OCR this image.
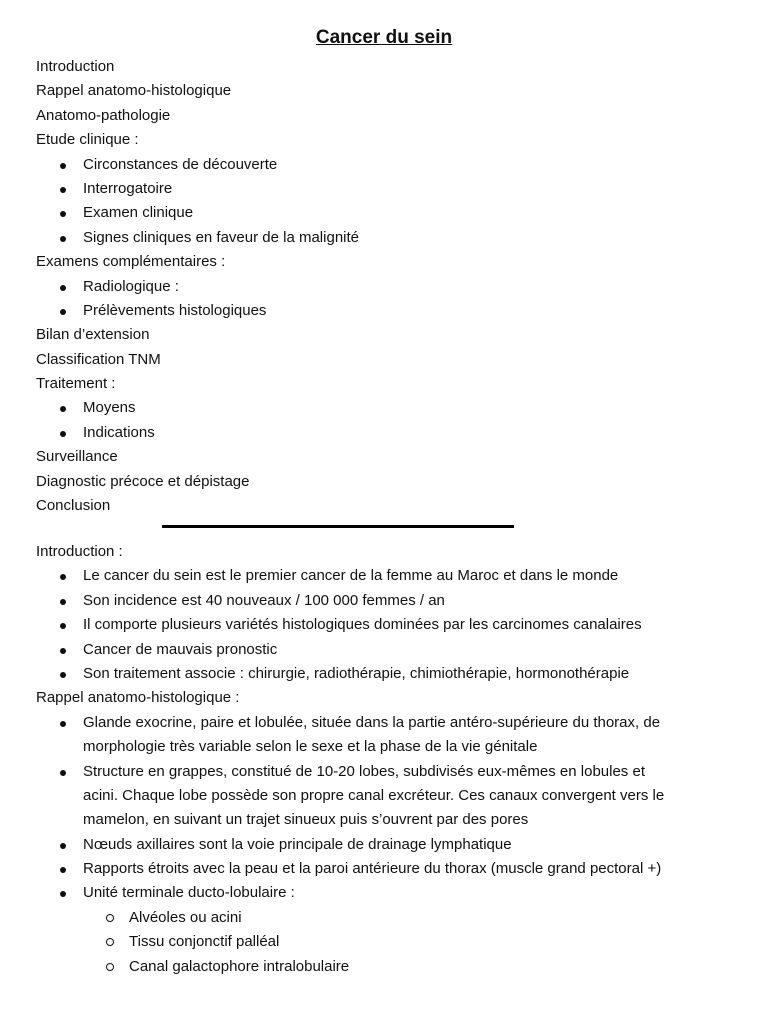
Cancer du sein
Introduction
Rappel anatomo-histologique
Anatomo-pathologie
Etude clinique :
Circonstances de découverte
Interrogatoire
Examen clinique
Signes cliniques en faveur de la malignité
Examens complémentaires :
Radiologique :
Prélèvements histologiques
Bilan d’extension
Classification TNM
Traitement :
Moyens
Indications
Surveillance
Diagnostic précoce et dépistage
Conclusion
Introduction :
Le cancer du sein est le premier cancer de la femme au Maroc et dans le monde
Son incidence est 40 nouveaux / 100 000 femmes / an
Il comporte plusieurs variétés histologiques dominées par les carcinomes canalaires
Cancer de mauvais pronostic
Son traitement associe : chirurgie, radiothérapie, chimiothérapie, hormonothérapie
Rappel anatomo-histologique :
Glande exocrine, paire et lobulée, située dans la partie antéro-supérieure du thorax, de
morphologie très variable selon le sexe et la phase de la vie génitale
Structure en grappes, constitué de 10-20 lobes, subdivisés eux-mêmes en lobules et
acini. Chaque lobe possède son propre canal excréteur. Ces canaux convergent vers le
mamelon, en suivant un trajet sinueux puis s’ouvrent par des pores
Nœuds axillaires sont la voie principale de drainage lymphatique
Rapports étroits avec la peau et la paroi antérieure du thorax (muscle grand pectoral +)
Unité terminale ducto-lobulaire :
Alvéoles ou acini
Tissu conjonctif palléal
Canal galactophore intralobulaire
